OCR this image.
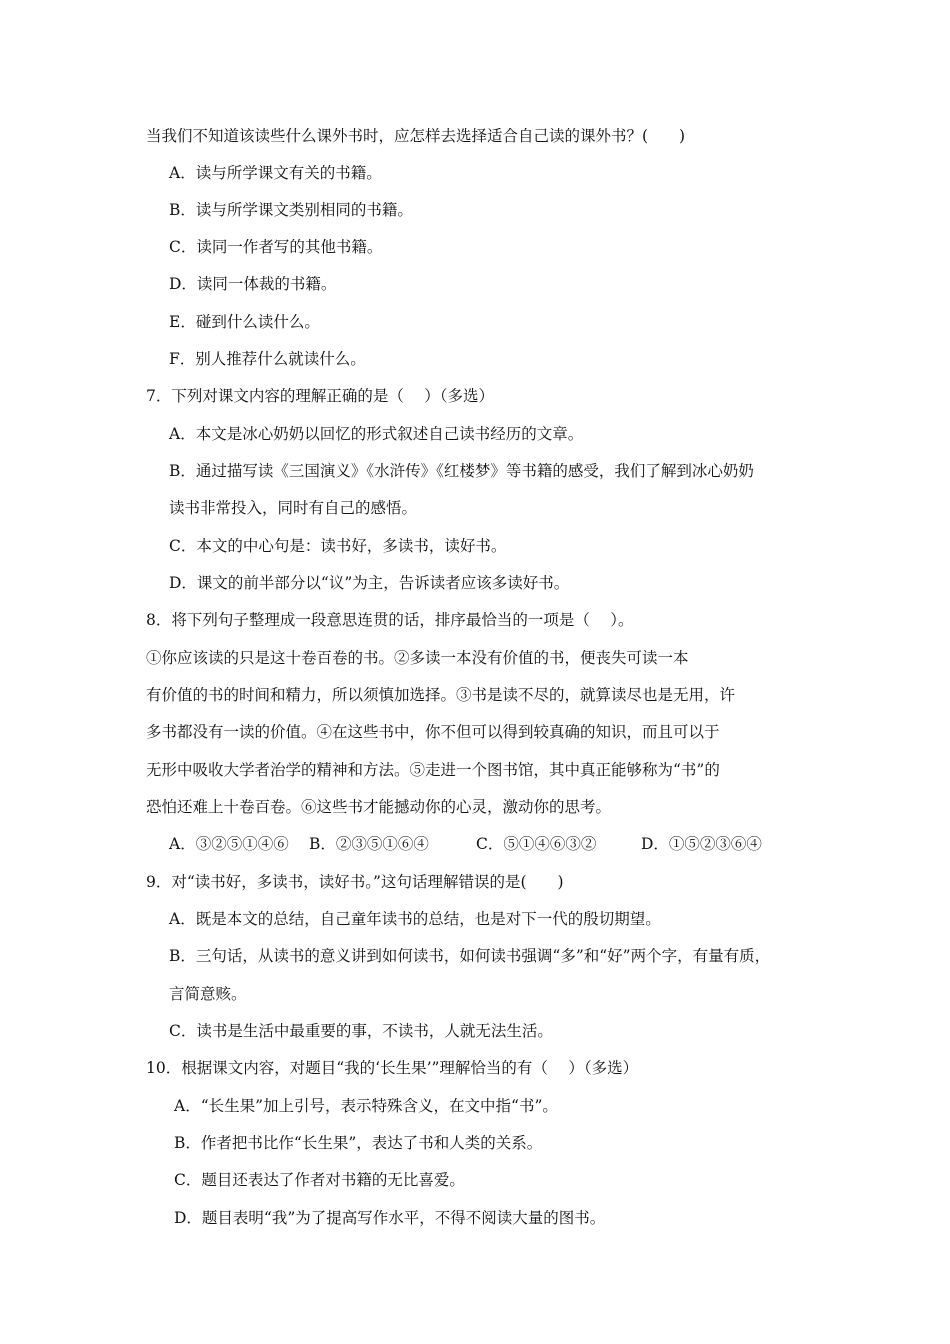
当我们不知道该读些什么课外书时，应怎样去选择适合自己读的课外书？(　　)
A．读与所学课文有关的书籍。
B．读与所学课文类别相同的书籍。
C．读同一作者写的其他书籍。
D．读同一体裁的书籍。
E．碰到什么读什么。
F．别人推荐什么就读什么。
7．下列对课文内容的理解正确的是（　 ）（多选）
A．本文是冰心奶奶以回忆的形式叙述自己读书经历的文章。
B．通过描写读《三国演义》《水浒传》《红楼梦》等书籍的感受，我们了解到冰心奶奶
读书非常投入，同时有自己的感悟。
C．本文的中心句是：读书好，多读书，读好书。
D．课文的前半部分以“议”为主，告诉读者应该多读好书。
8．将下列句子整理成一段意思连贯的话，排序最恰当的一项是（　 ）。
①你应该读的只是这十卷百卷的书。②多读一本没有价值的书，便丧失可读一本
有价值的书的时间和精力，所以须慎加选择。③书是读不尽的，就算读尽也是无用，许
多书都没有一读的价值。④在这些书中，你不但可以得到较真确的知识，而且可以于
无形中吸收大学者治学的精神和方法。⑤走进一个图书馆，其中真正能够称为“书”的
恐怕还难上十卷百卷。⑥这些书才能撼动你的心灵，激动你的思考。
A．③②⑤①④⑥ B．②③⑤①⑥④	C．⑤①④⑥③②	D．①⑤②③⑥④
9．对“读书好，多读书，读好书。”这句话理解错误的是(　　)
A．既是本文的总结，自己童年读书的总结，也是对下一代的殷切期望。
B．三句话，从读书的意义讲到如何读书，如何读书强调“多”和“好”两个字，有量有质，
言简意赅。
C．读书是生活中最重要的事，不读书，人就无法生活。
10．根据课文内容，对题目“我的‘长生果’”理解恰当的有（　 ）（多选）
A．“长生果”加上引号，表示特殊含义，在文中指“书”。
B．作者把书比作“长生果”，表达了书和人类的关系。
C．题目还表达了作者对书籍的无比喜爱。
D．题目表明“我”为了提高写作水平，不得不阅读大量的图书。
